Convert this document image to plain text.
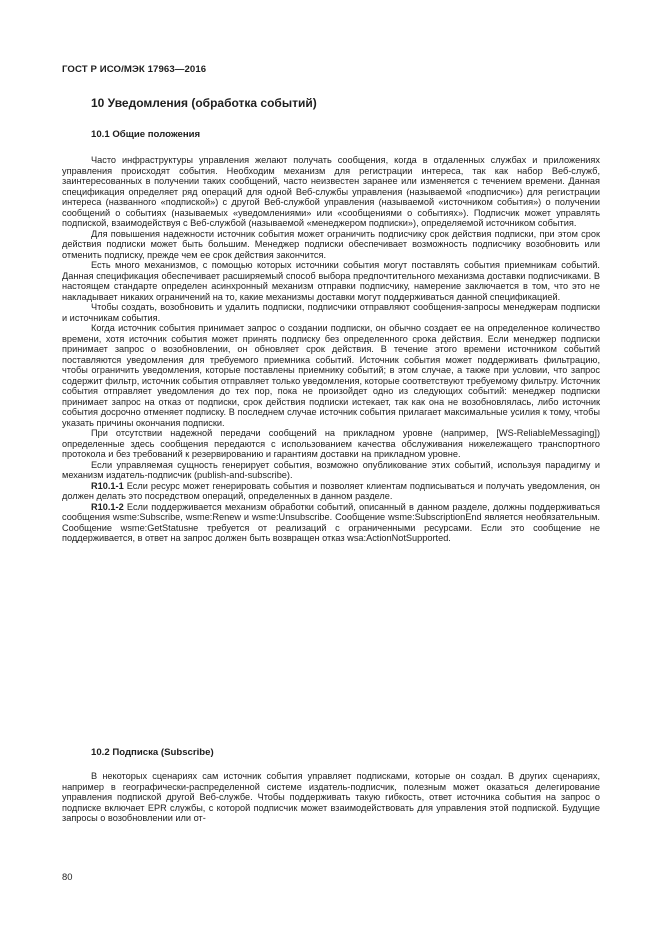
ГОСТ Р ИСО/МЭК 17963—2016
10 Уведомления (обработка событий)
10.1 Общие положения

Часто инфраструктуры управления желают получать сообщения, когда в отдаленных службах и приложениях управления происходят события. Необходим механизм для регистрации интереса, так как набор Веб-служб, заинтересованных в получении таких сообщений, часто неизвестен заранее или изменяется с течением времени. Данная спецификация определяет ряд операций для одной Веб-службы управления (называемой «подписчик») для регистрации интереса (названного «подпиской») с другой Веб-службой управления (называемой «источником события») о получении сообщений о событиях (называемых «уведомлениями» или «сообщениями о событиях»). Подписчик может управлять подпиской, взаимодействуя с Веб-службой (называемой «менеджером подписки»), определяемой источником события.

Для повышения надежности источник события может ограничить подписчику срок действия подписки, при этом срок действия подписки может быть большим. Менеджер подписки обеспечивает возможность подписчику возобновить или отменить подписку, прежде чем ее срок действия закончится.

Есть много механизмов, с помощью которых источники события могут поставлять события приемникам событий. Данная спецификация обеспечивает расширяемый способ выбора предпочтительного механизма доставки подписчиками. В настоящем стандарте определен асинхронный механизм отправки подписчику, намерение заключается в том, что это не накладывает никаких ограничений на то, какие механизмы доставки могут поддерживаться данной спецификацией.

Чтобы создать, возобновить и удалить подписки, подписчики отправляют сообщения-запросы менеджерам подписки и источникам события.

Когда источник события принимает запрос о создании подписки, он обычно создает ее на определенное количество времени, хотя источник события может принять подписку без определенного срока действия. Если менеджер подписки принимает запрос о возобновлении, он обновляет срок действия. В течение этого времени источником событий поставляются уведомления для требуемого приемника событий. Источник события может поддерживать фильтрацию, чтобы ограничить уведомления, которые поставлены приемнику событий; в этом случае, а также при условии, что запрос содержит фильтр, источник события отправляет только уведомления, которые соответствуют требуемому фильтру. Источник события отправляет уведомления до тех пор, пока не произойдет одно из следующих событий: менеджер подписки принимает запрос на отказ от подписки, срок действия подписки истекает, так как она не возобновлялась, либо источник события досрочно отменяет подписку. В последнем случае источник события прилагает максимальные усилия к тому, чтобы указать причины окончания подписки.

При отсутствии надежной передачи сообщений на прикладном уровне (например, [WS-ReliableMessaging]) определенные здесь сообщения передаются с использованием качества обслуживания нижележащего транспортного протокола и без требований к резервированию и гарантиям доставки на прикладном уровне.

Если управляемая сущность генерирует события, возможно опубликование этих событий, используя парадигму и механизм издатель-подписчик (publish-and-subscribe).

R10.1-1 Если ресурс может генерировать события и позволяет клиентам подписываться и получать уведомления, он должен делать это посредством операций, определенных в данном разделе.

R10.1-2 Если поддерживается механизм обработки событий, описанный в данном разделе, должны поддерживаться сообщения wsme:Subscribe, wsme:Renew и wsme:Unsubscribe. Сообщение wsme:SubscriptionEnd является необязательным. Сообщение wsme:GetStatusне требуется от реализаций с ограниченными ресурсами. Если это сообщение не поддерживается, в ответ на запрос должен быть возвращен отказ wsa:ActionNotSupported.

10.2 Подписка (Subscribe)

В некоторых сценариях сам источник события управляет подписками, которые он создал. В других сценариях, например в географически-распределенной системе издатель-подписчик, полезным может оказаться делегирование управления подпиской другой Веб-службе. Чтобы поддерживать такую гибкость, ответ источника события на запрос о подписке включает EPR службы, с которой подписчик может взаимодействовать для управления этой подпиской. Будущие запросы о возобновлении или от-

80
